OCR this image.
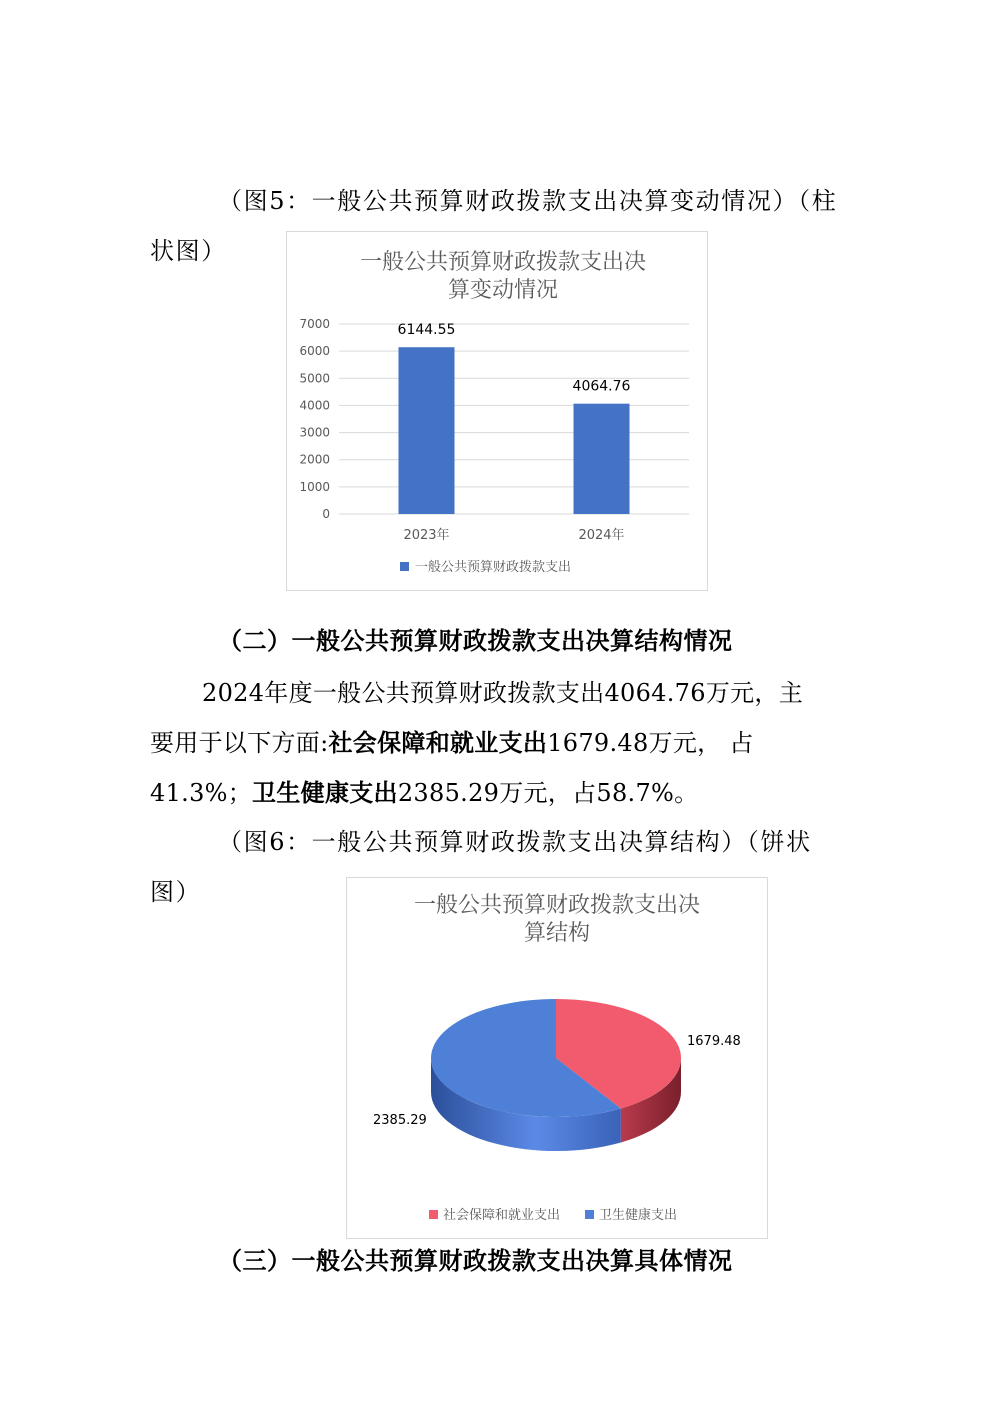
（图5：一般公共预算财政拨款支出决算变动情况）（柱
状图）	一般公共预算财政拨款支出决
算变动情况
0
1000
2000
3000
4000
5000
6000
7000	6144.55
4064.76
2023年	2024年
一般公共预算财政拨款支出
（二）一般公共预算财政拨款支出决算结构情况
2024年度一般公共预算财政拨款支出4064.76万元，主
要用于以下方面:社会保障和就业支出1679.48万元， 占
41.3%；卫生健康支出2385.29万元，占58.7%。
（图6：一般公共预算财政拨款支出决算结构）（饼状
图）	一般公共预算财政拨款支出决
算结构
1679.48
2385.29
社会保障和就业支出	卫生健康支出
（三）一般公共预算财政拨款支出决算具体情况
